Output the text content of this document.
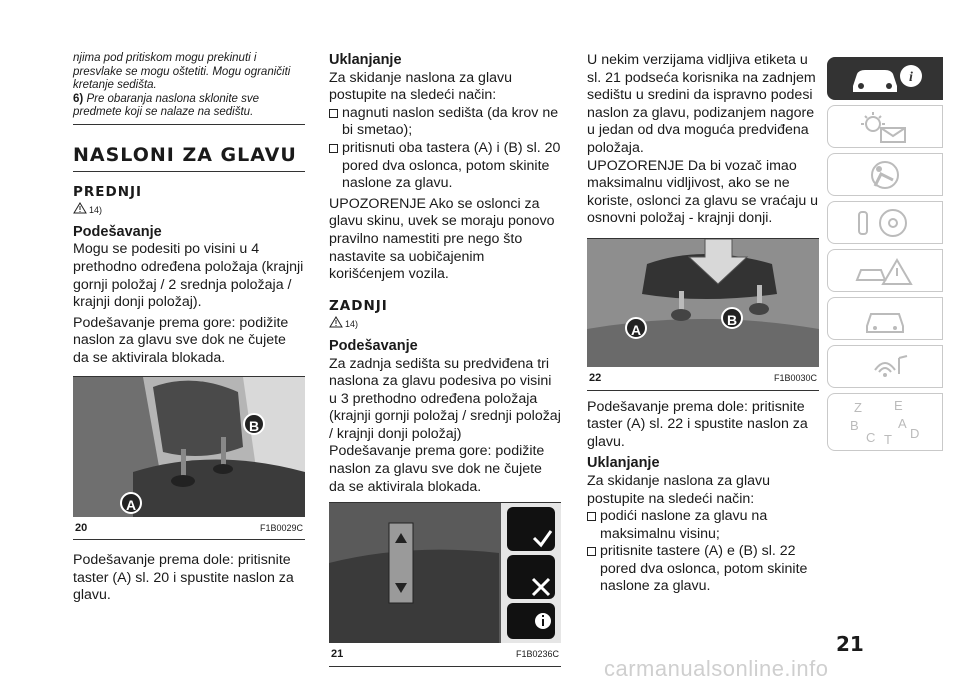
njima pod pritiskom mogu prekinuti i presvlake se mogu oštetiti. Mogu ograničiti kretanje sedišta.

6) Pre obaranja naslona sklonite sve predmete koji se nalaze na sedištu.

NASLONI ZA GLAVU
PREDNJI
14)
Podešavanje

Mogu se podesiti po visini u 4 prethodno određena položaja (krajnji gornji položaj / 2 srednja položaja / krajnji donji položaj).

Podešavanje prema gore: podižite naslon za glavu sve dok ne čujete da se aktivirala blokada.

A
B
20	F1B0029C

Podešavanje prema dole: pritisnite taster (A) sl. 20 i spustite naslon za glavu.

Uklanjanje

Za skidanje naslona za glavu postupite na sledeći način:

nagnuti naslon sedišta (da krov ne bi smetao);
pritisnuti oba tastera (A) i (B) sl. 20 pored dva oslonca, potom skinite naslone za glavu.

UPOZORENJE Ako se oslonci za glavu skinu, uvek se moraju ponovo pravilno namestiti pre nego što nastavite sa uobičajenim korišćenjem vozila.

ZADNJI
14)
Podešavanje

Za zadnja sedišta su predviđena tri naslona za glavu podesiva po visini u 3 prethodno određena položaja (krajnji gornji položaj / srednji položaj / krajnji donji položaj)

Podešavanje prema gore: podižite naslon za glavu sve dok ne čujete da se aktivirala blokada.

21	F1B0236C

U nekim verzijama vidljiva etiketa u sl. 21 podseća korisnika na zadnjem sedištu u sredini da ispravno podesi naslon za glavu, podizanjem nagore u jedan od dva moguća predviđena položaja.

UPOZORENJE Da bi vozač imao maksimalnu vidljivost, ako se ne koriste, oslonci za glavu se vraćaju u osnovni položaj - krajnji donji.

A
B
22	F1B0030C

Podešavanje prema dole: pritisnite taster (A) sl. 22 i spustite naslon za glavu.

Uklanjanje

Za skidanje naslona za glavu postupite na sledeći način:

podići naslone za glavu na maksimalnu visinu;
pritisnite tastere (A) e (B) sl. 22 pored dva oslonca, potom skinite naslone za glavu.
i
Z E
B	A
C T D
21
carmanualsonline.info
